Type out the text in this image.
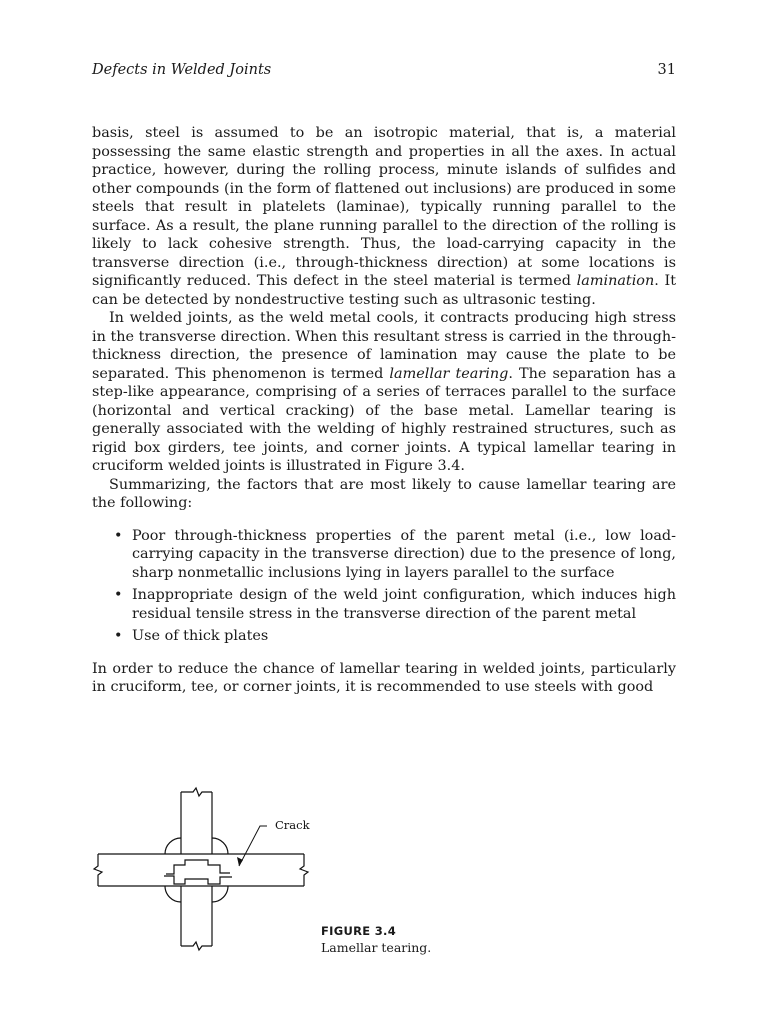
Defects in Welded Joints	31

basis, steel is assumed to be an isotropic material, that is, a material possessing the same elastic strength and properties in all the axes. In actual practice, however, during the rolling process, minute islands of sulfides and other compounds (in the form of flattened out inclusions) are produced in some steels that result in platelets (laminae), typically running parallel to the surface. As a result, the plane running parallel to the direction of the rolling is likely to lack cohesive strength. Thus, the load-carrying capacity in the transverse direction (i.e., through-thickness direction) at some locations is significantly reduced. This defect in the steel material is termed lamination. It can be detected by nondestructive testing such as ultrasonic testing.

In welded joints, as the weld metal cools, it contracts producing high stress in the transverse direction. When this resultant stress is carried in the through-thickness direction, the presence of lamination may cause the plate to be separated. This phenomenon is termed lamellar tearing. The separation has a step-like appearance, comprising of a series of terraces parallel to the surface (horizontal and vertical cracking) of the base metal. Lamellar tearing is generally associated with the welding of highly restrained structures, such as rigid box girders, tee joints, and corner joints. A typical lamellar tearing in cruciform welded joints is illustrated in Figure 3.4.

Summarizing, the factors that are most likely to cause lamellar tearing are the following:

• Poor through-thickness properties of the parent metal (i.e., low load-carrying capacity in the transverse direction) due to the presence of long, sharp nonmetallic inclusions lying in layers parallel to the surface
• Inappropriate design of the weld joint configuration, which induces high residual tensile stress in the transverse direction of the parent metal
• Use of thick plates

In order to reduce the chance of lamellar tearing in welded joints, particularly in cruciform, tee, or corner joints, it is recommended to use steels with good

Crack
FIGURE 3.4
Lamellar tearing.
